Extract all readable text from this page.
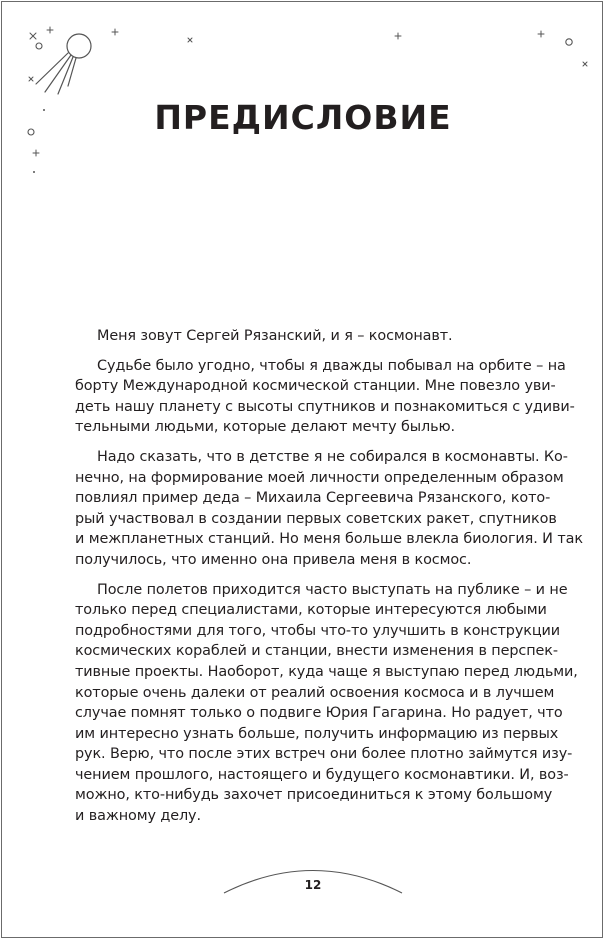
ПРЕДИСЛОВИЕ

Меня зовут Сергей Рязанский, и я – космонавт.

Судьбе было угодно, чтобы я дважды побывал на орбите – на
борту Международной космической станции. Мне повезло уви-
деть нашу планету с высоты спутников и познакомиться с удиви-
тельными людьми, которые делают мечту былью.

Надо сказать, что в детстве я не собирался в космонавты. Ко-
нечно, на формирование моей личности определенным образом
повлиял пример деда – Михаила Сергеевича Рязанского, кото-
рый участвовал в создании первых советских ракет, спутников
и межпланетных станций. Но меня больше влекла биология. И так
получилось, что именно она привела меня в космос.

После полетов приходится часто выступать на публике – и не
только перед специалистами, которые интересуются любыми
подробностями для того, чтобы что-то улучшить в конструкции
космических кораблей и станции, внести изменения в перспек-
тивные проекты. Наоборот, куда чаще я выступаю перед людьми,
которые очень далеки от реалий освоения космоса и в лучшем
случае помнят только о подвиге Юрия Гагарина. Но радует, что
им интересно узнать больше, получить информацию из первых
рук. Верю, что после этих встреч они более плотно займутся изу-
чением прошлого, настоящего и будущего космонавтики. И, воз-
можно, кто-нибудь захочет присоединиться к этому большому
и важному делу.

12
